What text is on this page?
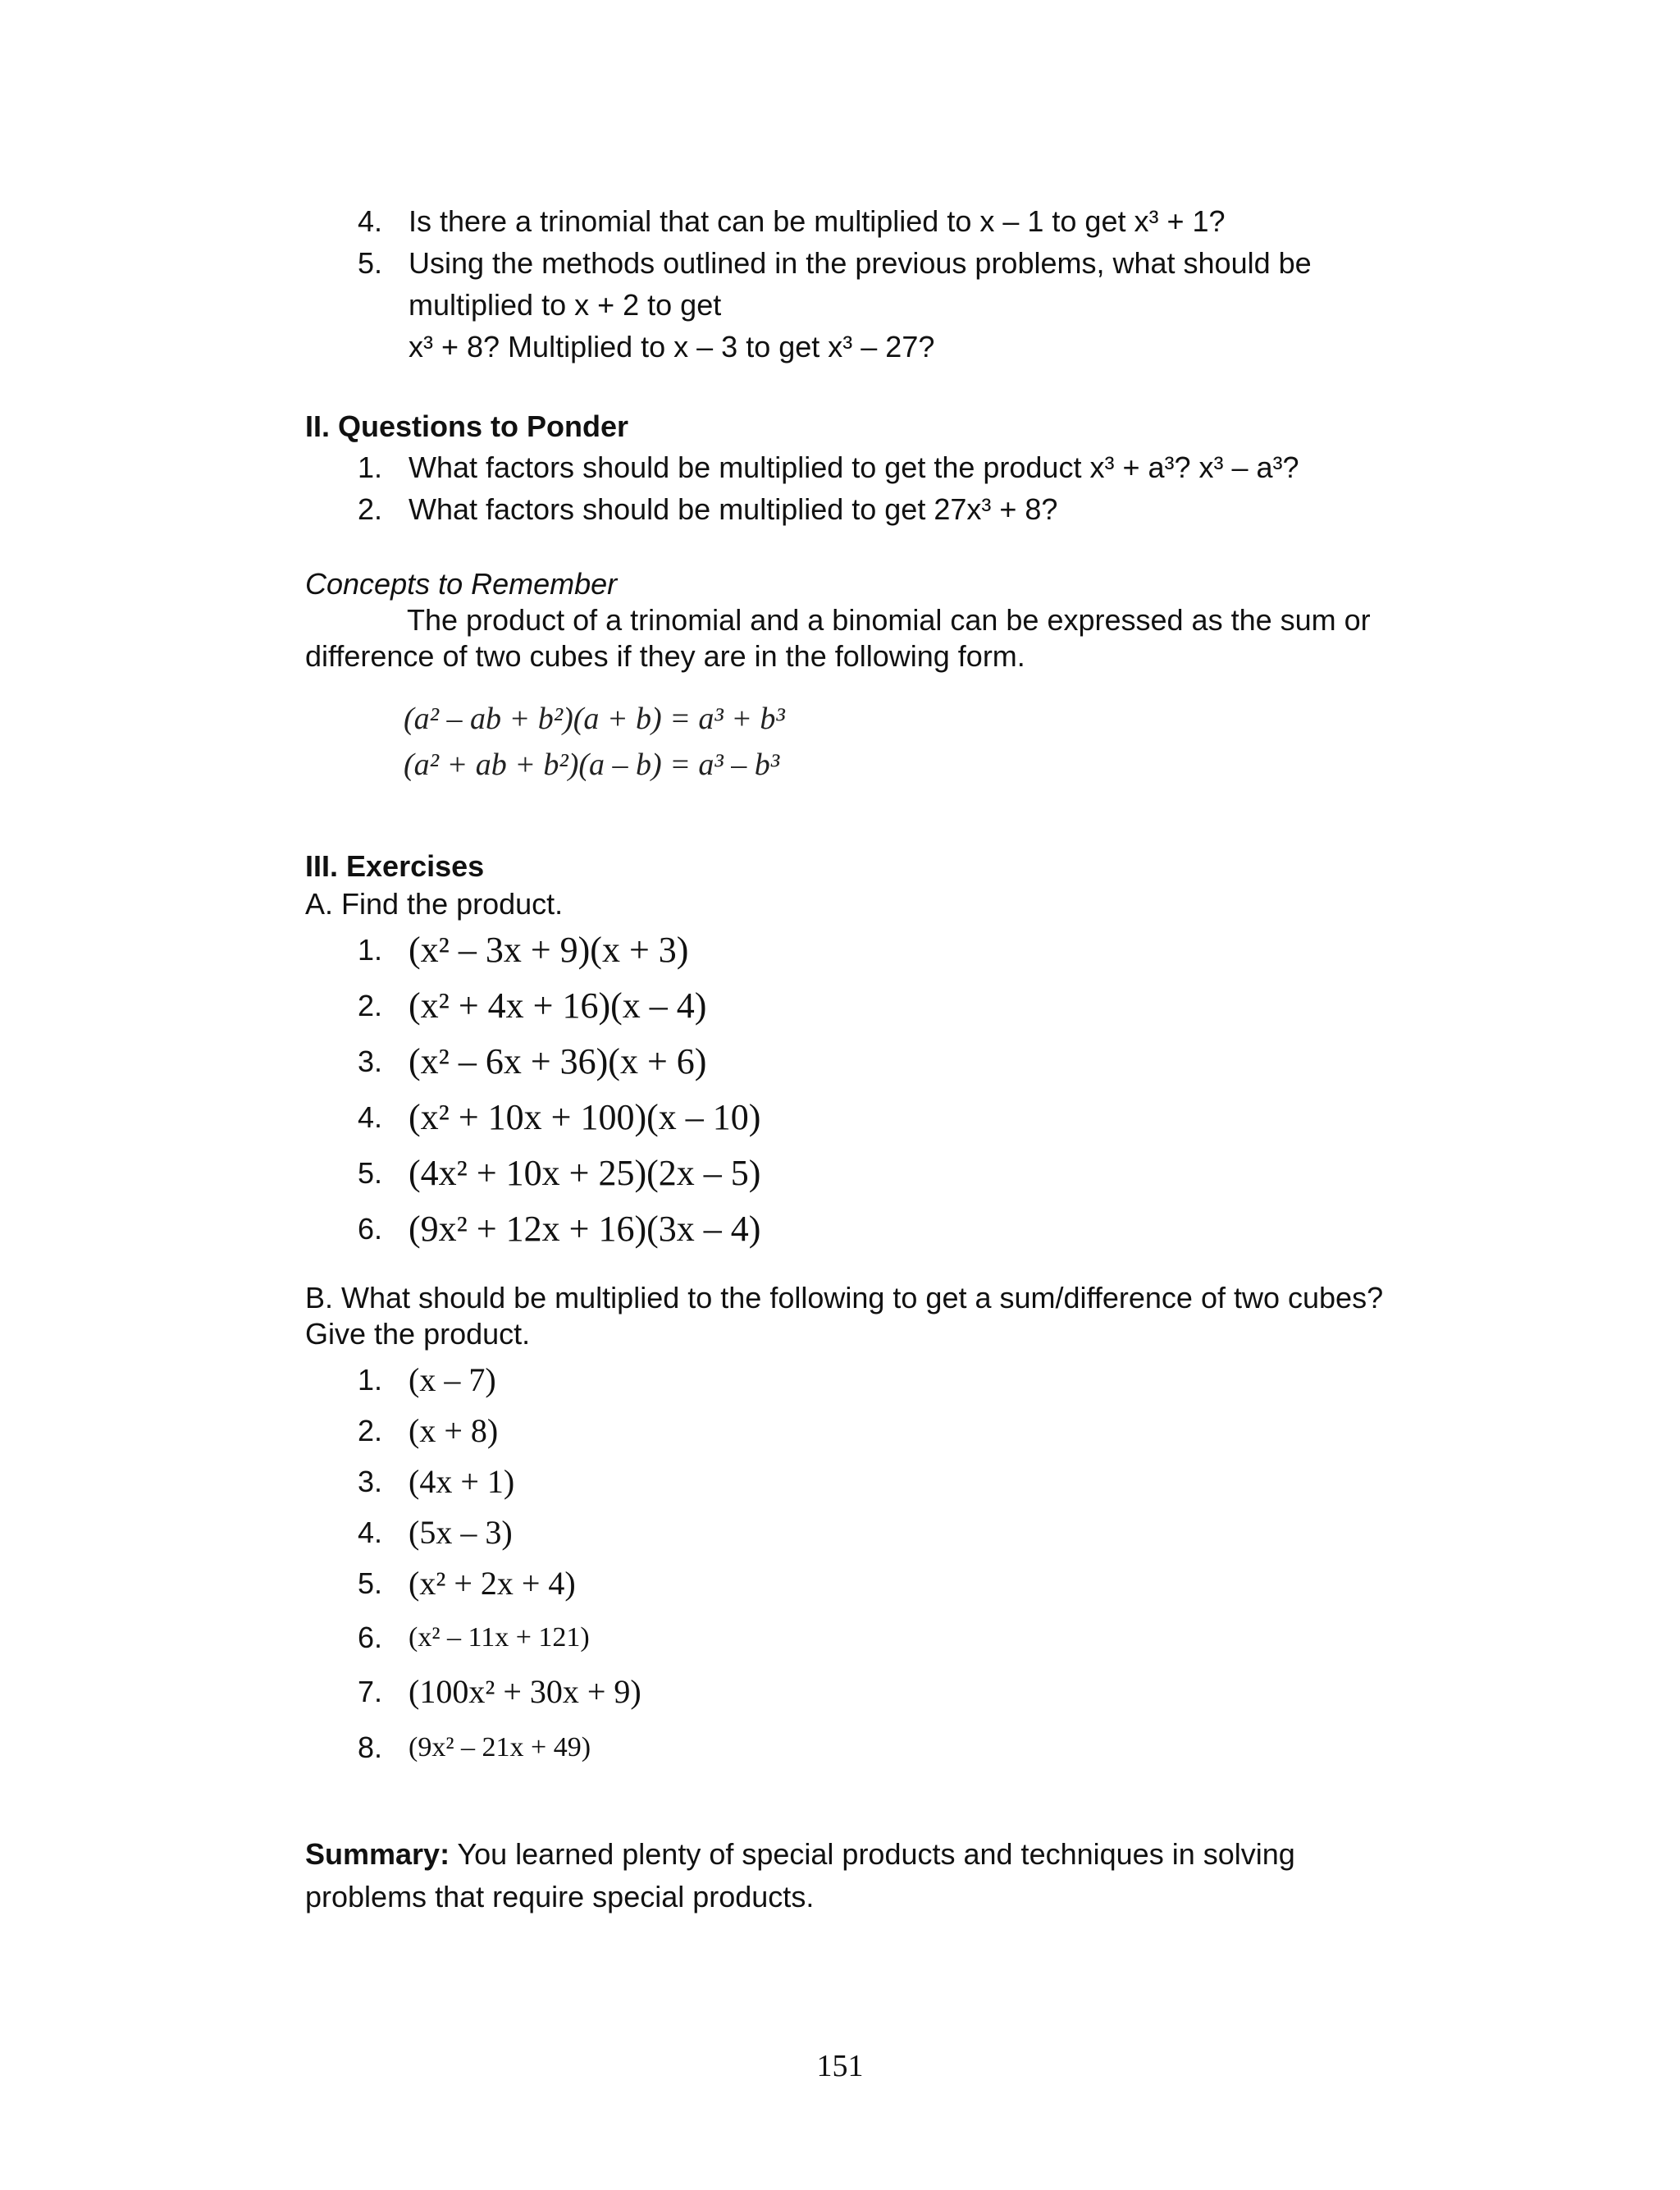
4. Is there a trinomial that can be multiplied to x – 1 to get x³ + 1?
5. Using the methods outlined in the previous problems, what should be
multiplied to x + 2 to get
x³ + 8? Multiplied to x – 3 to get x³ – 27?
II. Questions to Ponder
1. What factors should be multiplied to get the product x³ + a³? x³ – a³?
2. What factors should be multiplied to get 27x³ + 8?
Concepts to Remember
The product of a trinomial and a binomial can be expressed as the sum or difference of two cubes if they are in the following form.
(a² – ab + b²)(a + b) = a³ + b³
(a² + ab + b²)(a – b) = a³ – b³
III. Exercises
A. Find the product.
1. (x² – 3x + 9)(x + 3)
2. (x² + 4x + 16)(x – 4)
3. (x² – 6x + 36)(x + 6)
4. (x² + 10x + 100)(x – 10)
5. (4x² + 10x + 25)(2x – 5)
6. (9x² + 12x + 16)(3x – 4)
B. What should be multiplied to the following to get a sum/difference of two cubes?
Give the product.
1. (x – 7)
2. (x + 8)
3. (4x + 1)
4. (5x – 3)
5. (x² + 2x + 4)
6. (x² – 11x + 121)
7. (100x² + 30x + 9)
8. (9x² – 21x + 49)
Summary: You learned plenty of special products and techniques in solving
problems that require special products.
151
